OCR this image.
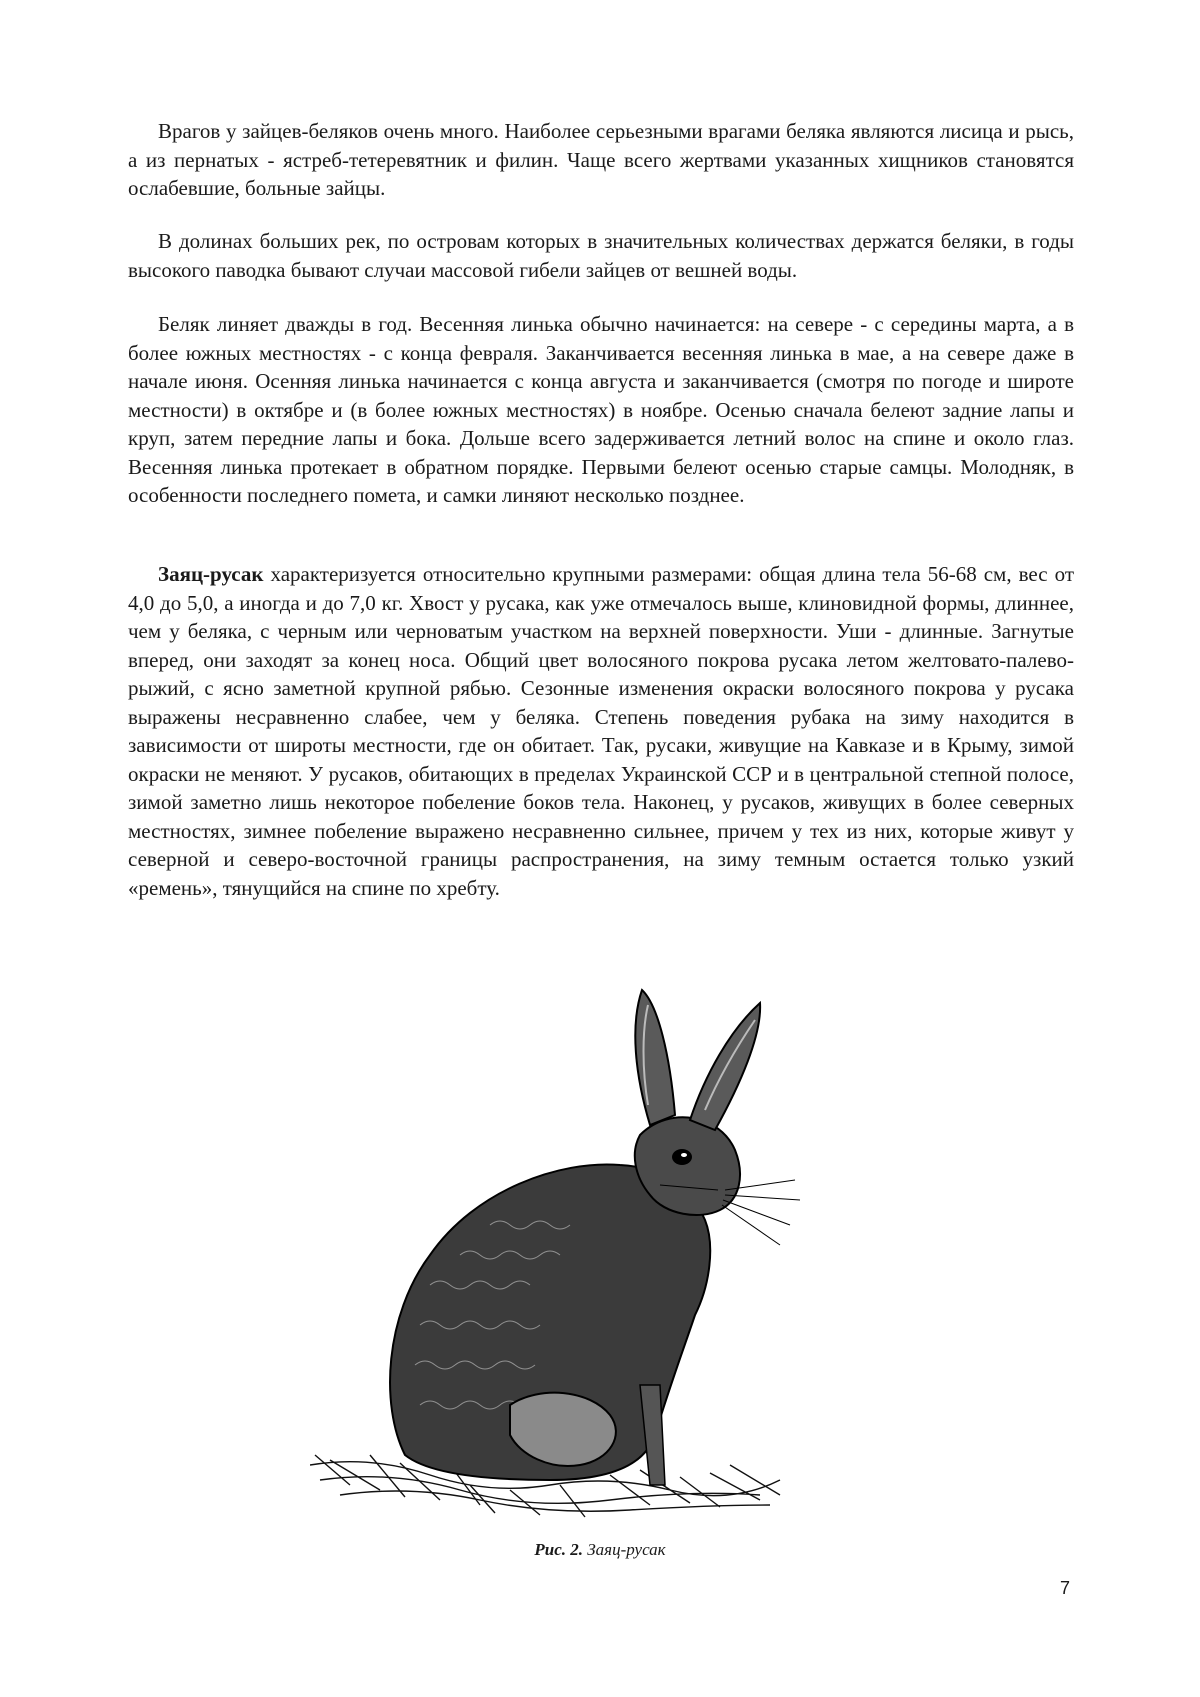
Врагов у зайцев-беляков очень много. Наиболее серьезными врагами беляка являются лисица и рысь, а из пернатых - ястреб-тетеревятник и филин. Чаще всего жертвами указанных хищников становятся ослабевшие, больные зайцы.

В долинах больших рек, по островам которых в значительных количествах держатся беляки, в годы высокого паводка бывают случаи массовой гибели зайцев от вешней воды.

Беляк линяет дважды в год. Весенняя линька обычно начинается: на севере - с середины марта, а в более южных местностях - с конца февраля. Заканчивается весенняя линька в мае, а на севере даже в начале июня. Осенняя линька начинается с конца августа и заканчивается (смотря по погоде и широте местности) в октябре и (в более южных местностях) в ноябре. Осенью сначала белеют задние лапы и круп, затем передние лапы и бока. Дольше всего задерживается летний волос на спине и около глаз. Весенняя линька протекает в обратном порядке. Первыми белеют осенью старые самцы. Молодняк, в особенности последнего помета, и самки линяют несколько позднее.

Заяц-русак характеризуется относительно крупными размерами: общая длина тела 56-68 см, вес от 4,0 до 5,0, а иногда и до 7,0 кг. Хвост у русака, как уже отмечалось выше, клиновидной формы, длиннее, чем у беляка, с черным или черноватым участком на верхней поверхности. Уши - длинные. Загнутые вперед, они заходят за конец носа. Общий цвет волосяного покрова русака летом желтовато-палево-рыжий, с ясно заметной крупной рябью. Сезонные изменения окраски волосяного покрова у русака выражены несравненно слабее, чем у беляка. Степень поведения рубака на зиму находится в зависимости от широты местности, где он обитает. Так, русаки, живущие на Кавказе и в Крыму, зимой окраски не меняют. У русаков, обитающих в пределах Украинской ССР и в центральной степной полосе, зимой заметно лишь некоторое побеление боков тела. Наконец, у русаков, живущих в более северных местностях, зимнее побеление выражено несравненно сильнее, причем у тех из них, которые живут у северной и северо-восточной границы распространения, на зиму темным остается только узкий «ремень», тянущийся на спине по хребту.

Рис. 2. Заяц-русак
7
